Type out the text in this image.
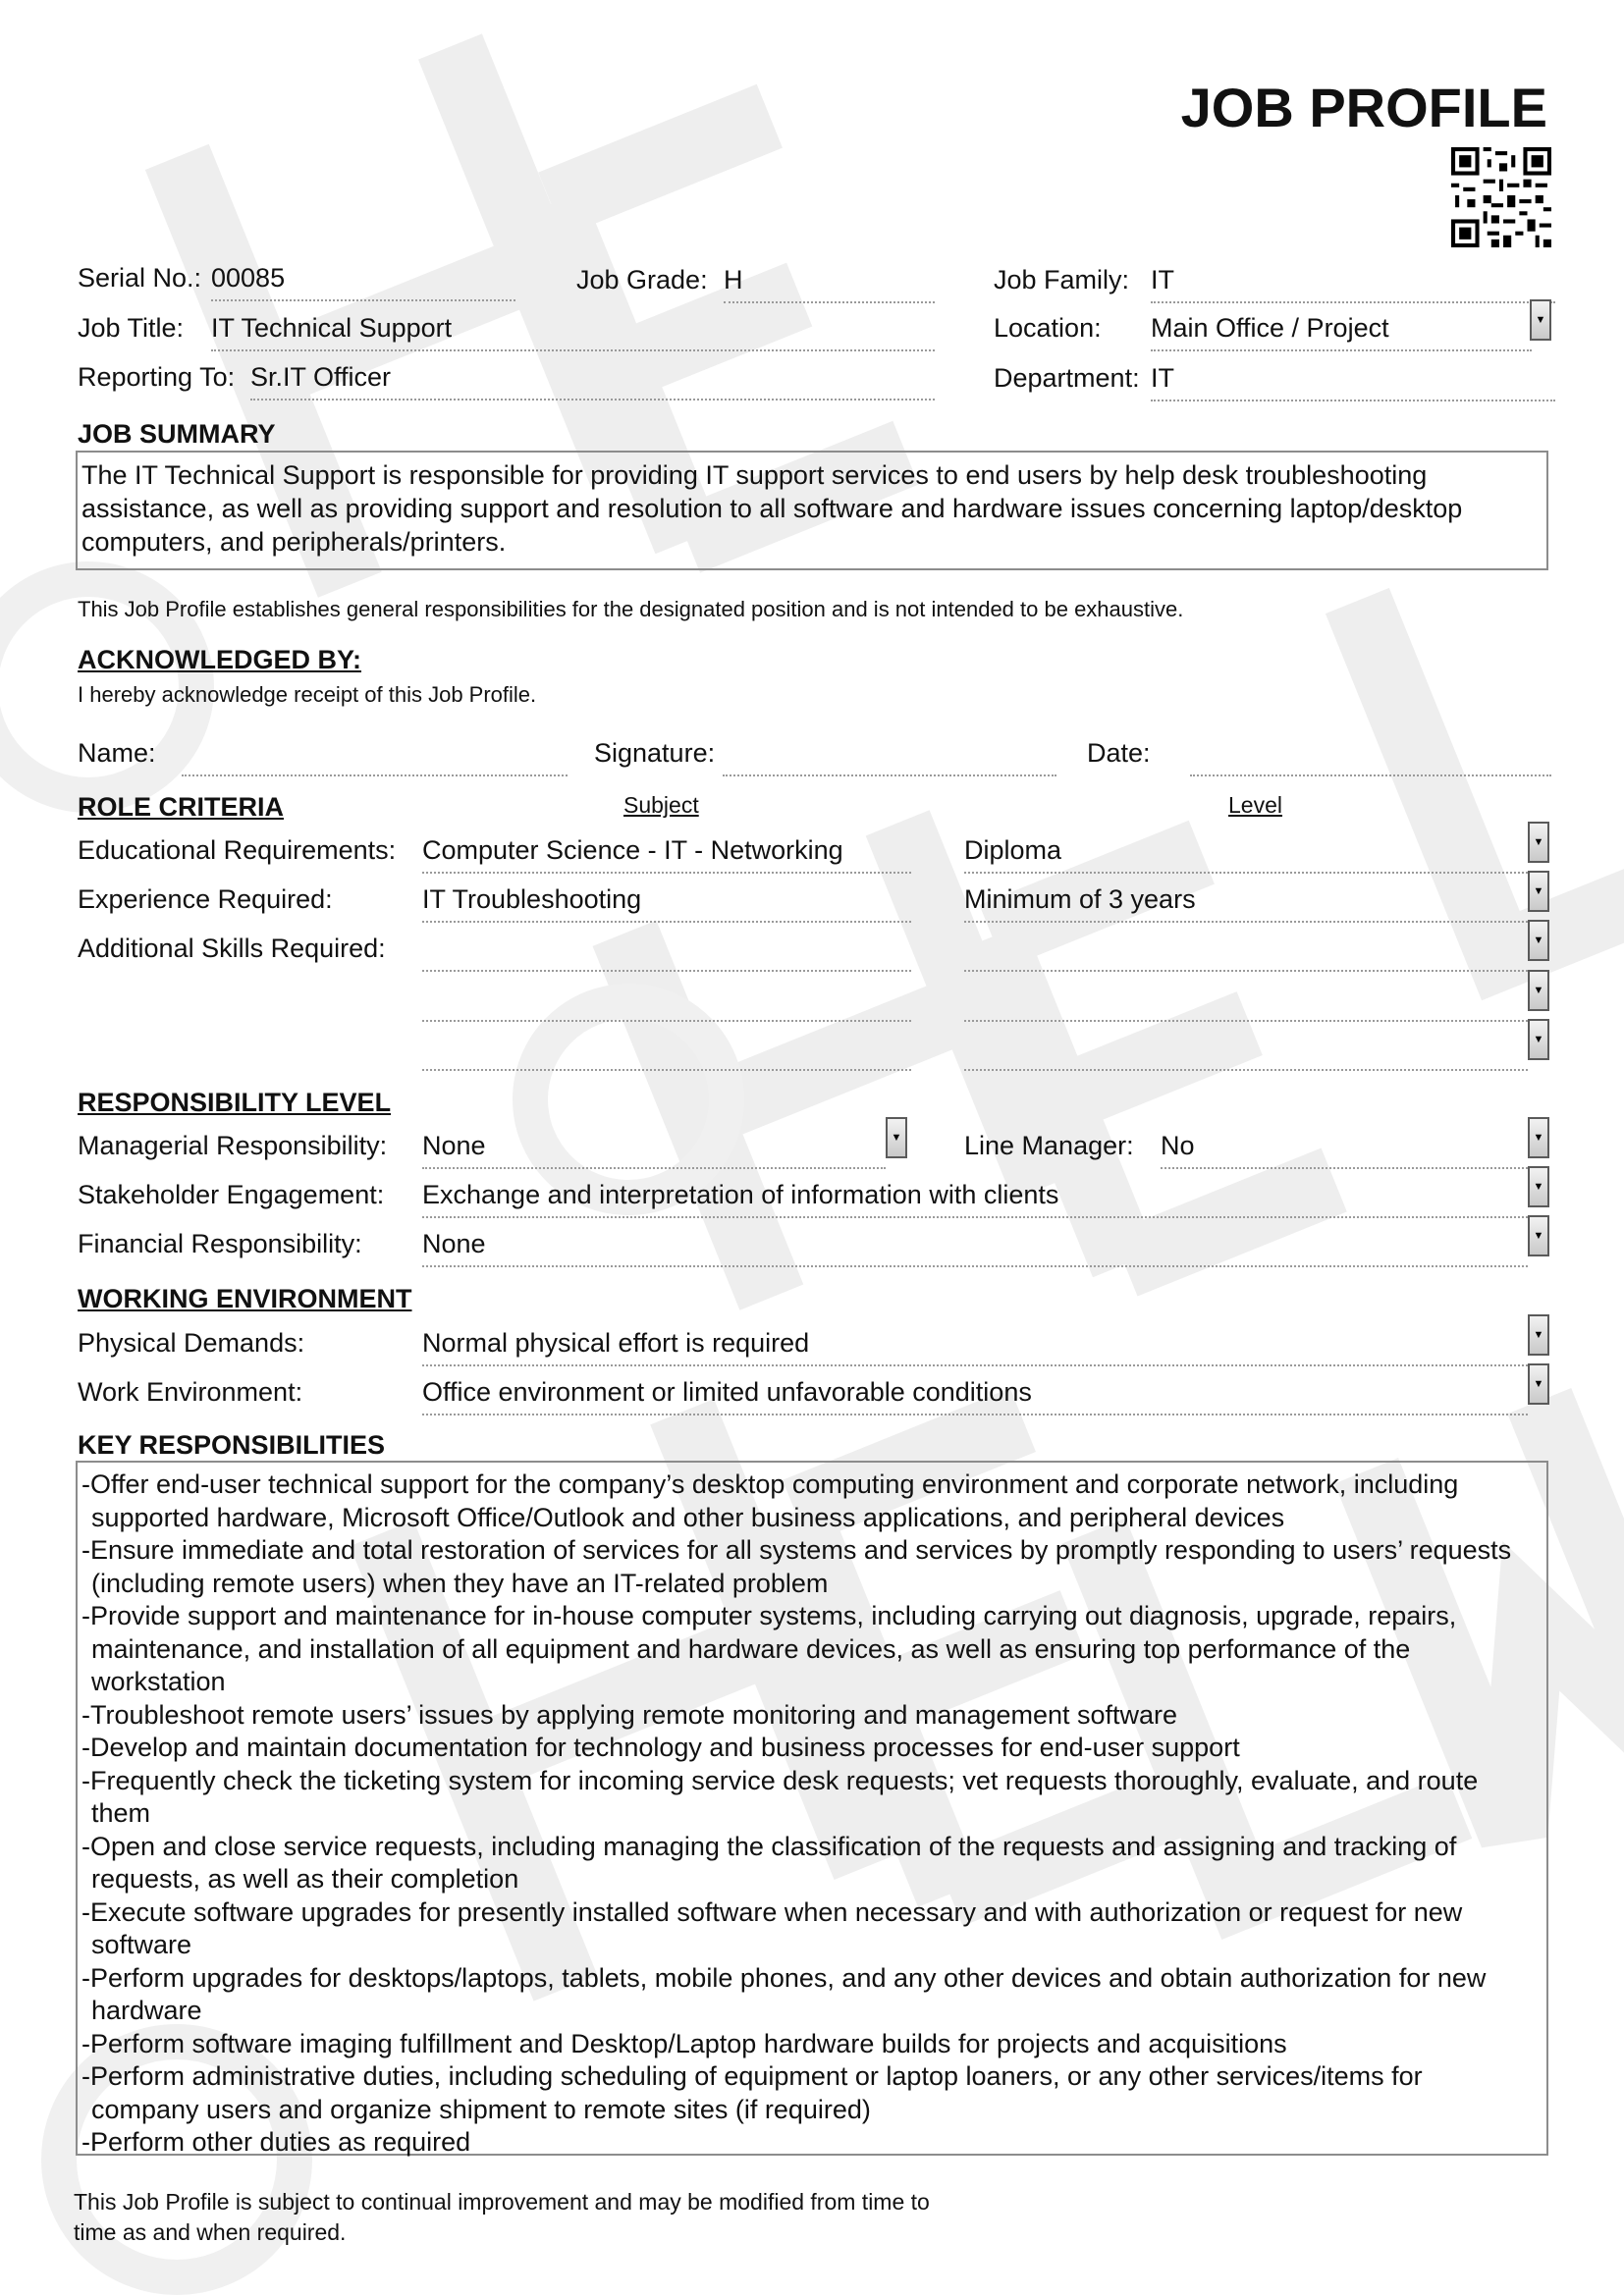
JOB PROFILE
Serial No.: 00085	Job Grade: H	Job Family: IT
Job Title: IT Technical Support	Location: Main Office / Project	▼
Reporting To: Sr.IT Officer	Department: IT
JOB SUMMARY
The IT Technical Support is responsible for providing IT support services to end users by help desk troubleshooting assistance, as well as providing support and resolution to all software and hardware issues concerning laptop/desktop computers, and peripherals/printers.
This Job Profile establishes general responsibilities for the designated position and is not intended to be exhaustive.
ACKNOWLEDGED BY:
I hereby acknowledge receipt of this Job Profile.
Name:	Signature:	Date:
ROLE CRITERIA	Subject	Level
Educational Requirements: Computer Science - IT - Networking	Diploma	▼
Experience Required:	IT Troubleshooting	Minimum of 3 years	▼
Additional Skills Required:	▼
▼
▼
RESPONSIBILITY LEVEL
Managerial Responsibility: None	▼ Line Manager: No	▼
Stakeholder Engagement: Exchange and interpretation of information with clients	▼
Financial Responsibility: None	▼
WORKING ENVIRONMENT
Physical Demands:	Normal physical effort is required	▼
Work Environment:	Office environment or limited unfavorable conditions	▼
KEY RESPONSIBILITIES
-Offer end-user technical support for the company’s desktop computing environment and corporate network, including supported hardware, Microsoft Office/Outlook and other business applications, and peripheral devices
-Ensure immediate and total restoration of services for all systems and services by promptly responding to users’ requests (including remote users) when they have an IT-related problem
-Provide support and maintenance for in-house computer systems, including carrying out diagnosis, upgrade, repairs, maintenance, and installation of all equipment and hardware devices, as well as ensuring top performance of the workstation
-Troubleshoot remote users’ issues by applying remote monitoring and management software
-Develop and maintain documentation for technology and business processes for end-user support
-Frequently check the ticketing system for incoming service desk requests; vet requests thoroughly, evaluate, and route them
-Open and close service requests, including managing the classification of the requests and assigning and tracking of requests, as well as their completion
-Execute software upgrades for presently installed software when necessary and with authorization or request for new software
-Perform upgrades for desktops/laptops, tablets, mobile phones, and any other devices and obtain authorization for new hardware
-Perform software imaging fulfillment and Desktop/Laptop hardware builds for projects and acquisitions
-Perform administrative duties, including scheduling of equipment or laptop loaners, or any other services/items for company users and organize shipment to remote sites (if required)
-Perform other duties as required
This Job Profile is subject to continual improvement and may be modified from time to
time as and when required.
